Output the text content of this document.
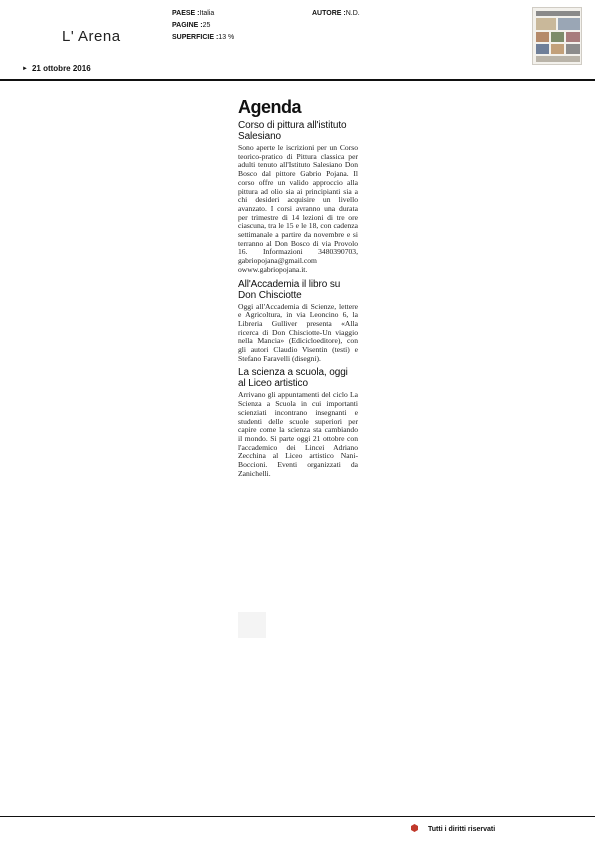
L' Arena
PAESE :Italia
PAGINE :25
SUPERFICIE :13 %
AUTORE :N.D.
► 21 ottobre 2016
Agenda
Corso di pittura all'istituto Salesiano
Sono aperte le iscrizioni per un Corso teorico-pratico di Pittura classica per adulti tenuto all'Istituto Salesiano Don Bosco dal pittore Gabrio Pojana. Il corso offre un valido approccio alla pittura ad olio sia ai principianti sia a chi desideri acquisire un livello avanzato. I corsi avranno una durata per trimestre di 14 lezioni di tre ore ciascuna, tra le 15 e le 18, con cadenza settimanale a partire da novembre e si terranno al Don Bosco di via Provolo 16. Informazioni 3480390703, gabriopojana@gmail.com owww.gabriopojana.it.
All'Accademia il libro su Don Chisciotte
Oggi all'Accademia di Scienze, lettere e Agricoltura, in via Leoncino 6, la Libreria Gulliver presenta «Alla ricerca di Don Chisciotte-Un viaggio nella Mancia» (Edicicloeditore), con gli autori Claudio Visentin (testi) e Stefano Faravelli (disegni).
La scienza a scuola, oggi al Liceo artistico
Arrivano gli appuntamenti del ciclo La Scienza a Scuola in cui importanti scienziati incontrano insegnanti e studenti delle scuole superiori per capire come la scienza sta cambiando il mondo. Si parte oggi 21 ottobre con l'accademico dei Lincei Adriano Zecchina al Liceo artistico Nani-Boccioni. Eventi organizzati da Zanichelli.
Tutti i diritti riservati
